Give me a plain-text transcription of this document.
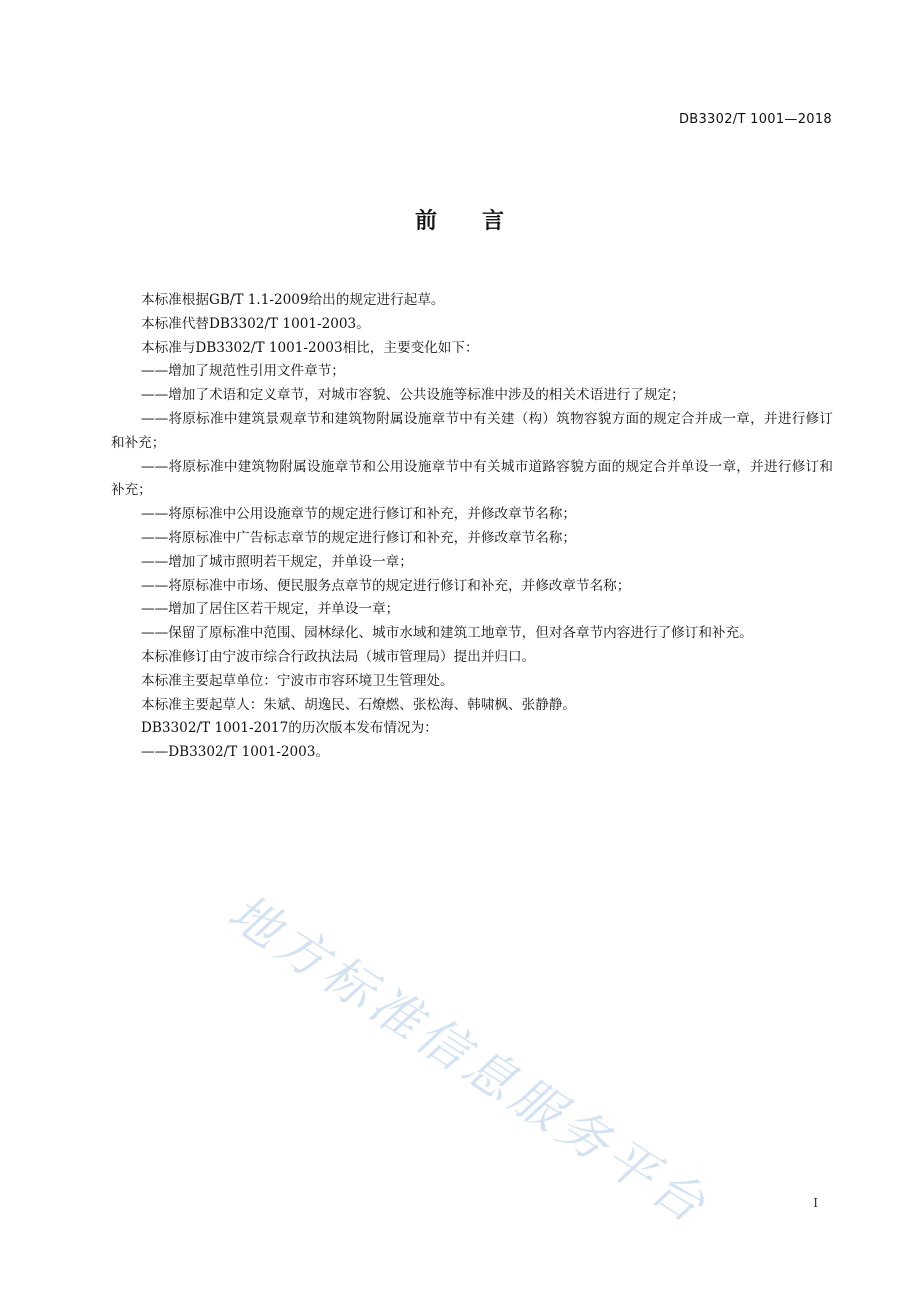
DB3302/T 1001—2018
前 言

本标准根据GB/T 1.1-2009给出的规定进行起草。

本标准代替DB3302/T 1001-2003。

本标准与DB3302/T 1001-2003相比，主要变化如下：

——增加了规范性引用文件章节；

——增加了术语和定义章节，对城市容貌、公共设施等标准中涉及的相关术语进行了规定；

——将原标准中建筑景观章节和建筑物附属设施章节中有关建（构）筑物容貌方面的规定合并成一章，并进行修订和补充；

——将原标准中建筑物附属设施章节和公用设施章节中有关城市道路容貌方面的规定合并单设一章，并进行修订和补充；

——将原标准中公用设施章节的规定进行修订和补充，并修改章节名称；

——将原标准中广告标志章节的规定进行修订和补充，并修改章节名称；

——增加了城市照明若干规定，并单设一章；

——将原标准中市场、便民服务点章节的规定进行修订和补充，并修改章节名称；

——增加了居住区若干规定，并单设一章；

——保留了原标准中范围、园林绿化、城市水域和建筑工地章节，但对各章节内容进行了修订和补充。

本标准修订由宁波市综合行政执法局（城市管理局）提出并归口。

本标准主要起草单位：宁波市市容环境卫生管理处。

本标准主要起草人：朱斌、胡逸民、石燎燃、张松海、韩啸枫、张静静。

DB3302/T 1001-2017的历次版本发布情况为：

——DB3302/T 1001-2003。

地方标准信息服务平台	I
